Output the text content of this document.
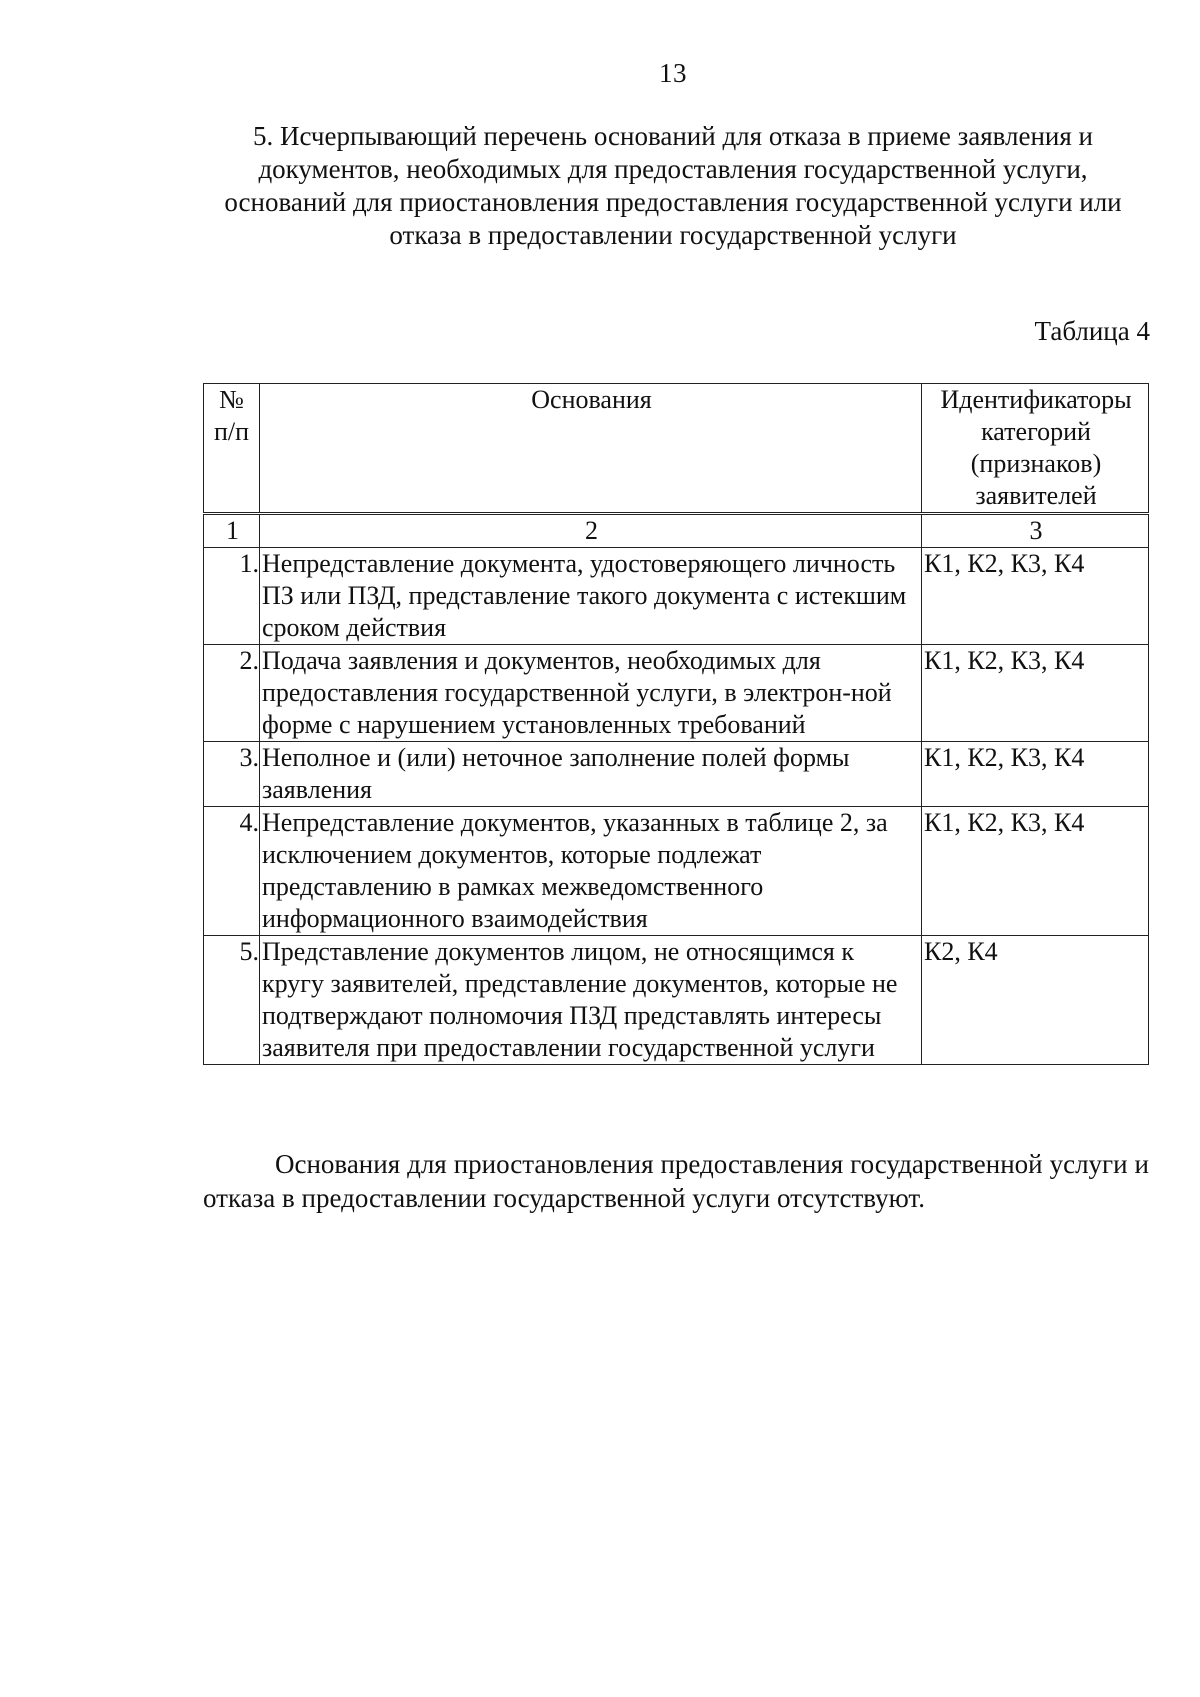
13
5. Исчерпывающий перечень оснований для отказа в приеме заявления и документов, необходимых для предоставления государственной услуги, оснований для приостановления предоставления государственной услуги или отказа в предоставлении государственной услуги
Таблица 4
№ п/п	Основания	Идентификаторы категорий (признаков) заявителей
1	2	3
1.	Непредставление документа, удостоверяющего личность ПЗ или ПЗД, представление такого документа с истекшим сроком действия	К1, К2, К3, К4
2.	Подача заявления и документов, необходимых для предоставления государственной услуги, в электрон-ной форме с нарушением установленных требований	К1, К2, К3, К4
3.	Неполное и (или) неточное заполнение полей формы заявления	К1, К2, К3, К4
4.	Непредставление документов, указанных в таблице 2, за исключением документов, которые подлежат представлению в рамках межведомственного информационного взаимодействия	К1, К2, К3, К4
5.	Представление документов лицом, не относящимся к кругу заявителей, представление документов, которые не подтверждают полномочия ПЗД представлять интересы заявителя при предоставлении государственной услуги	К2, К4
Основания для приостановления предоставления государственной услуги и отказа в предоставлении государственной услуги отсутствуют.
